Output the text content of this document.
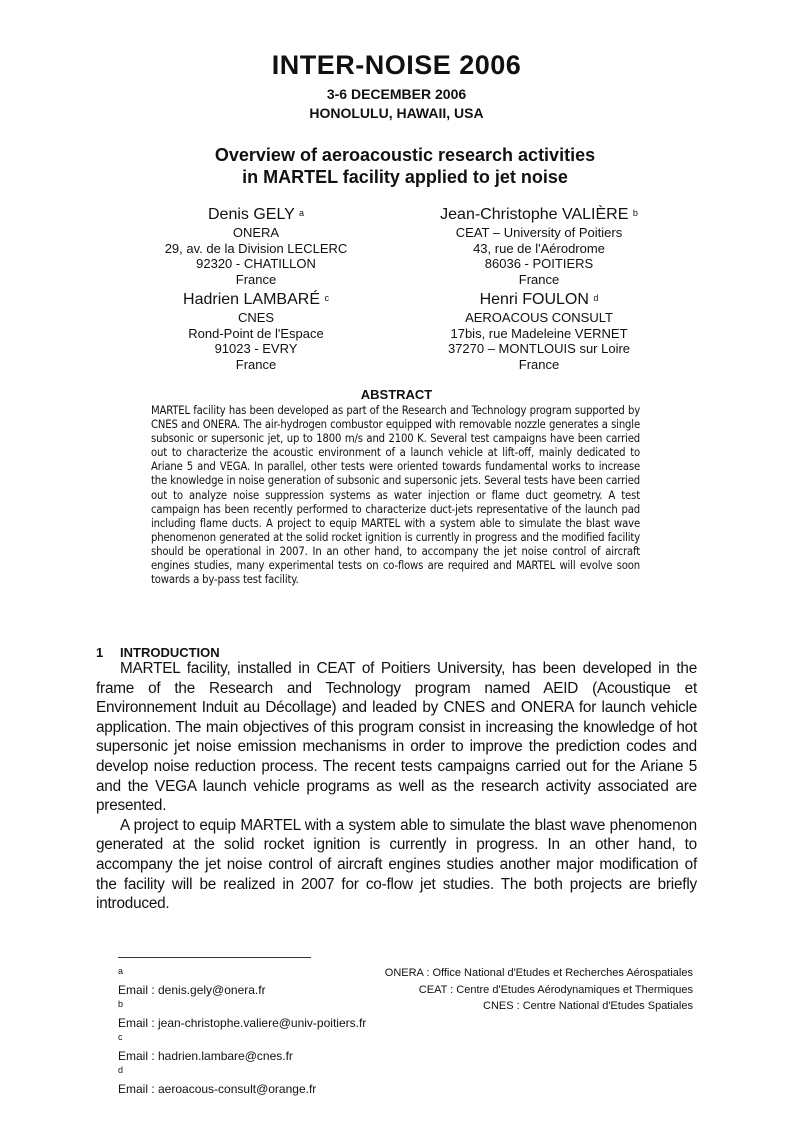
INTER-NOISE 2006
3-6 DECEMBER 2006
HONOLULU, HAWAII, USA
Overview of aeroacoustic research activities
in MARTEL facility applied to jet noise
Denis GELY $^a$
ONERA
29, av. de la Division LECLERC
92320 - CHATILLON
France
Jean-Christophe VALIÈRE $^b$
CEAT – University of Poitiers
43, rue de l'Aérodrome
86036 - POITIERS
France
Hadrien LAMBARÉ $^c$
CNES
Rond-Point de l'Espace
91023 - EVRY
France
Henri FOULON $^d$
AEROACOUS CONSULT
17bis, rue Madeleine VERNET
37270 – MONTLOUIS sur Loire
France
ABSTRACT
MARTEL facility has been developed as part of the Research and Technology program supported by CNES and ONERA. The air-hydrogen combustor equipped with removable nozzle generates a single subsonic or supersonic jet, up to 1800 m/s and 2100 K. Several test campaigns have been carried out to characterize the acoustic environment of a launch vehicle at lift-off, mainly dedicated to Ariane 5 and VEGA. In parallel, other tests were oriented towards fundamental works to increase the knowledge in noise generation of subsonic and supersonic jets. Several tests have been carried out to analyze noise suppression systems as water injection or flame duct geometry. A test campaign has been recently performed to characterize duct-jets representative of the launch pad including flame ducts. A project to equip MARTEL with a system able to simulate the blast wave phenomenon generated at the solid rocket ignition is currently in progress and the modified facility should be operational in 2007. In an other hand, to accompany the jet noise control of aircraft engines studies, many experimental tests on co-flows are required and MARTEL will evolve soon towards a by-pass test facility.
1 INTRODUCTION

MARTEL facility, installed in CEAT of Poitiers University, has been developed in the frame of the Research and Technology program named AEID (Acoustique et Environnement Induit au Décollage) and leaded by CNES and ONERA for launch vehicle application. The main objectives of this program consist in increasing the knowledge of hot supersonic jet noise emission mechanisms in order to improve the prediction codes and develop noise reduction process. The recent tests campaigns carried out for the Ariane 5 and the VEGA launch vehicle programs as well as the research activity associated are presented.

A project to equip MARTEL with a system able to simulate the blast wave phenomenon generated at the solid rocket ignition is currently in progress. In an other hand, to accompany the jet noise control of aircraft engines studies another major modification of the facility will be realized in 2007 for co-flow jet studies. The both projects are briefly introduced.

$^a$
Email : denis.gely@onera.fr
$^b$
Email : jean-christophe.valiere@univ-poitiers.fr
$^c$
Email : hadrien.lambare@cnes.fr
$^d$
Email : aeroacous-consult@orange.fr
ONERA : Office National d'Etudes et Recherches Aérospatiales
CEAT : Centre d'Etudes Aérodynamiques et Thermiques
CNES : Centre National d'Etudes Spatiales
